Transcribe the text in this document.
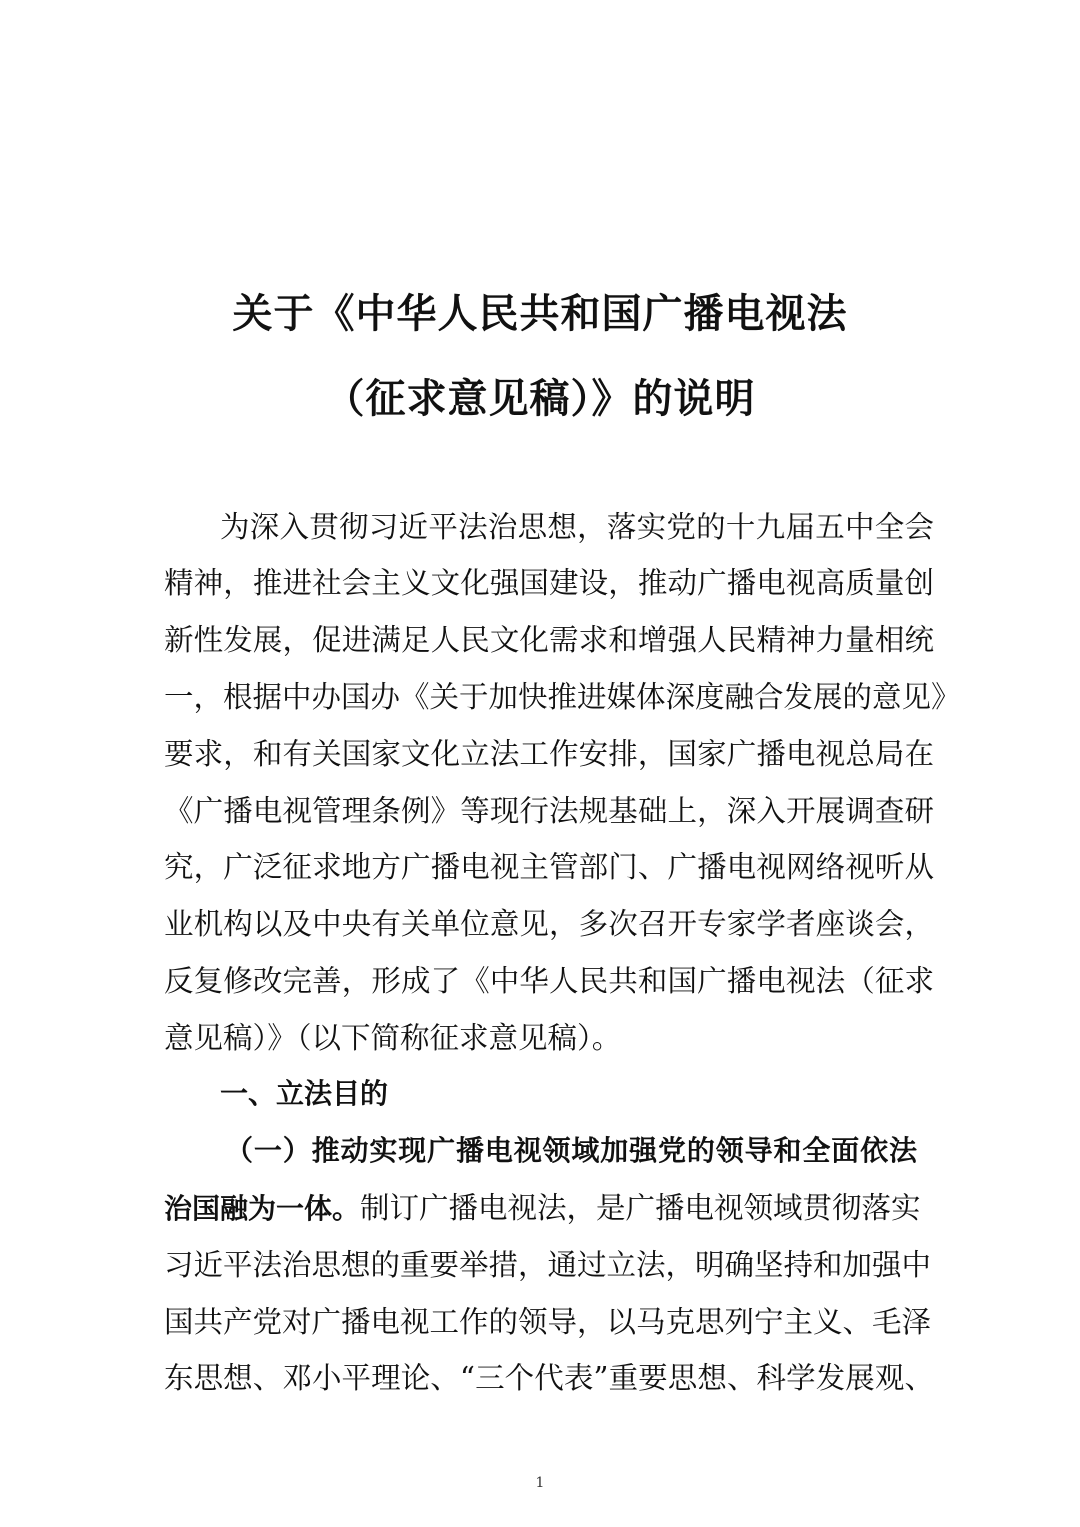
关于《中华人民共和国广播电视法
（征求意见稿）》的说明
为深入贯彻习近平法治思想，落实党的十九届五中全会
精神，推进社会主义文化强国建设，推动广播电视高质量创
新性发展，促进满足人民文化需求和增强人民精神力量相统
一，根据中办国办《关于加快推进媒体深度融合发展的意见》
要求，和有关国家文化立法工作安排，国家广播电视总局在
《广播电视管理条例》等现行法规基础上，深入开展调查研
究，广泛征求地方广播电视主管部门、广播电视网络视听从
业机构以及中央有关单位意见，多次召开专家学者座谈会，
反复修改完善，形成了《中华人民共和国广播电视法（征求
意见稿）》（以下简称征求意见稿）。
一、立法目的
（一）推动实现广播电视领域加强党的领导和全面依法
治国融为一体。制订广播电视法，是广播电视领域贯彻落实
习近平法治思想的重要举措，通过立法，明确坚持和加强中
国共产党对广播电视工作的领导，以马克思列宁主义、毛泽
东思想、邓小平理论、“三个代表”重要思想、科学发展观、
1
